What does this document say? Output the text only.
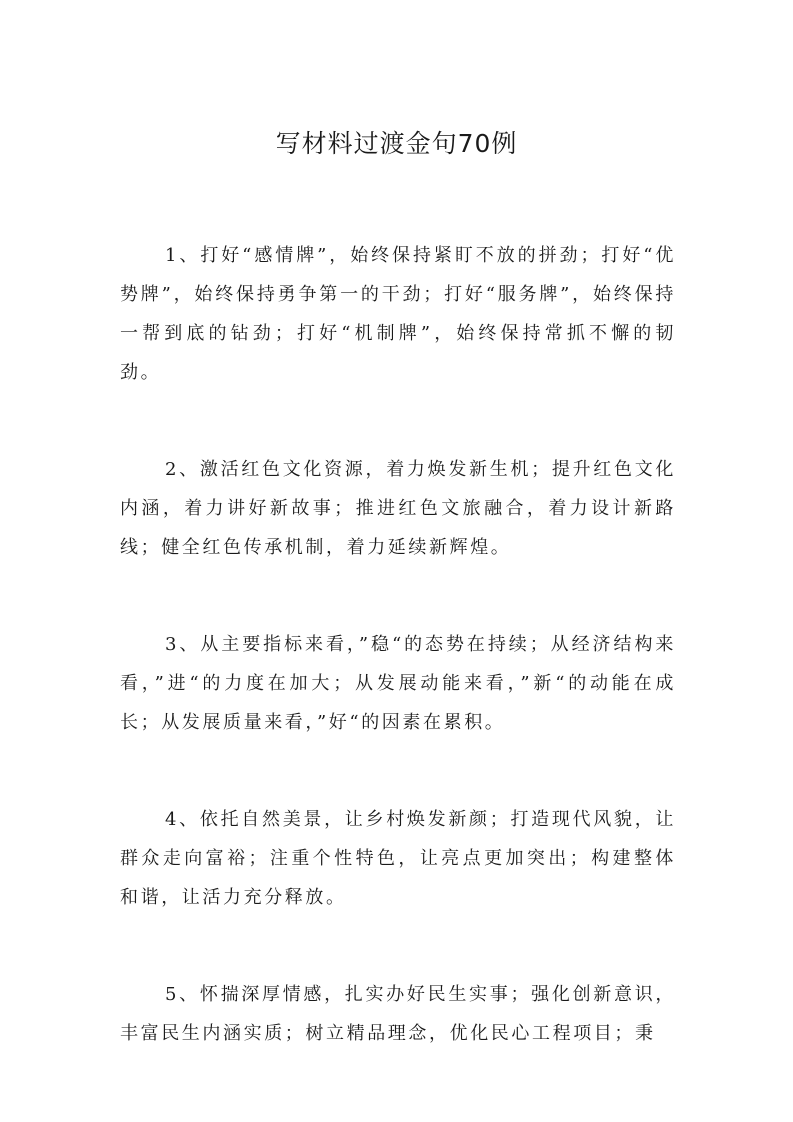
写材料过渡金句70例

1、打好“感情牌”，始终保持紧盯不放的拼劲；打好“优势牌”，始终保持勇争第一的干劲；打好“服务牌”，始终保持一帮到底的钻劲；打好“机制牌”，始终保持常抓不懈的韧劲。

2、激活红色文化资源，着力焕发新生机；提升红色文化内涵，着力讲好新故事；推进红色文旅融合，着力设计新路线；健全红色传承机制，着力延续新辉煌。

3、从主要指标来看，”稳“的态势在持续；从经济结构来看，”进“的力度在加大；从发展动能来看，”新“的动能在成长；从发展质量来看，”好“的因素在累积。

4、依托自然美景，让乡村焕发新颜；打造现代风貌，让群众走向富裕；注重个性特色，让亮点更加突出；构建整体和谐，让活力充分释放。

5、怀揣深厚情感，扎实办好民生实事；强化创新意识，丰富民生内涵实质；树立精品理念，优化民心工程项目；秉
